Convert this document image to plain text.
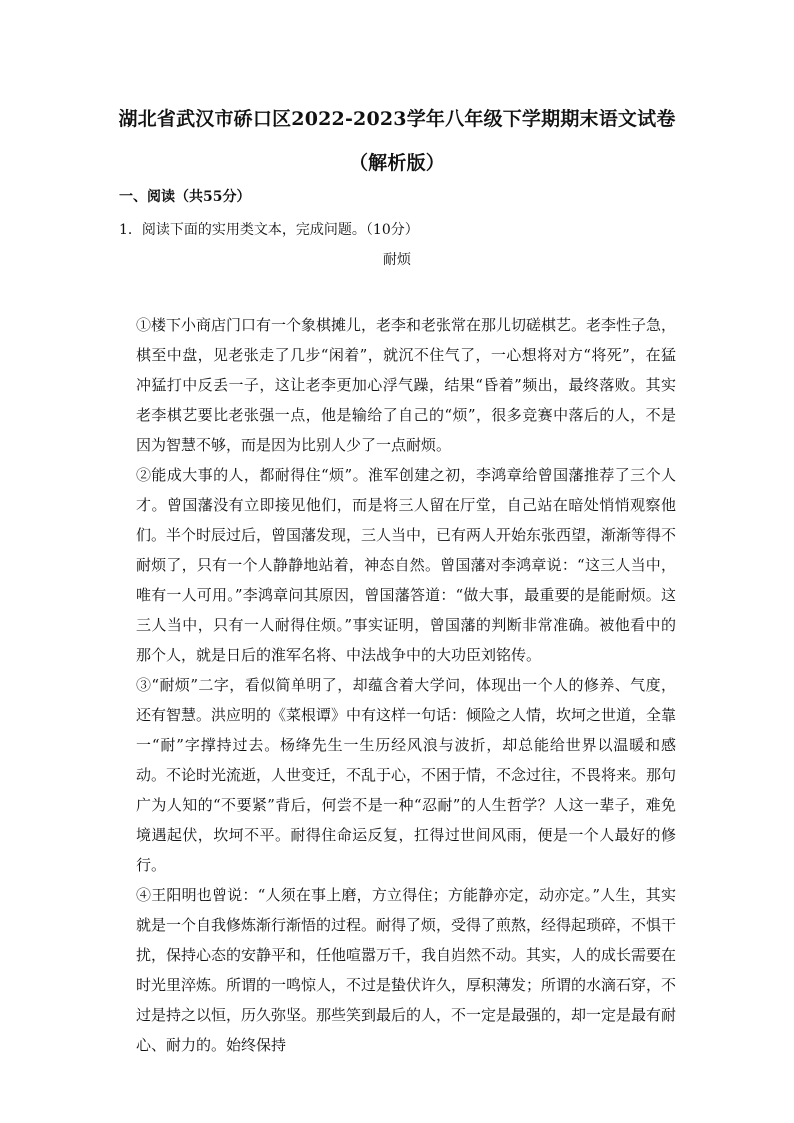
湖北省武汉市硚口区2022-2023学年八年级下学期期末语文试卷
（解析版）
一、阅读（共55分）
1．阅读下面的实用类文本，完成问题。（10分）
耐烦

①楼下小商店门口有一个象棋摊儿，老李和老张常在那儿切磋棋艺。老李性子急，棋至中盘，见老张走了几步“闲着”，就沉不住气了，一心想将对方“将死”，在猛冲猛打中反丢一子，这让老李更加心浮气躁，结果“昏着”频出，最终落败。其实老李棋艺要比老张强一点，他是输给了自己的“烦”，很多竞赛中落后的人，不是因为智慧不够，而是因为比别人少了一点耐烦。

②能成大事的人，都耐得住“烦”。淮军创建之初，李鸿章给曾国藩推荐了三个人才。曾国藩没有立即接见他们，而是将三人留在厅堂，自己站在暗处悄悄观察他们。半个时辰过后，曾国藩发现，三人当中，已有两人开始东张西望，渐渐等得不耐烦了，只有一个人静静地站着，神态自然。曾国藩对李鸿章说：“这三人当中，唯有一人可用。”李鸿章问其原因，曾国藩答道：“做大事，最重要的是能耐烦。这三人当中，只有一人耐得住烦。”事实证明，曾国藩的判断非常准确。被他看中的那个人，就是日后的淮军名将、中法战争中的大功臣刘铭传。

③“耐烦”二字，看似简单明了，却蕴含着大学问，体现出一个人的修养、气度，还有智慧。洪应明的《菜根谭》中有这样一句话：倾险之人情，坎坷之世道，全靠一“耐”字撑持过去。杨绛先生一生历经风浪与波折，却总能给世界以温暖和感动。不论时光流逝，人世变迁，不乱于心，不困于情，不念过往，不畏将来。那句广为人知的“不要紧”背后，何尝不是一种“忍耐”的人生哲学？人这一辈子，难免境遇起伏，坎坷不平。耐得住命运反复，扛得过世间风雨，便是一个人最好的修行。

④王阳明也曾说：“人须在事上磨，方立得住；方能静亦定，动亦定。”人生，其实就是一个自我修炼渐行渐悟的过程。耐得了烦，受得了煎熬，经得起琐碎，不惧干扰，保持心态的安静平和，任他喧嚣万千，我自岿然不动。其实，人的成长需要在时光里淬炼。所谓的一鸣惊人，不过是蛰伏许久，厚积薄发；所谓的水滴石穿，不过是持之以恒，历久弥坚。那些笑到最后的人，不一定是最强的，却一定是最有耐心、耐力的。始终保持
